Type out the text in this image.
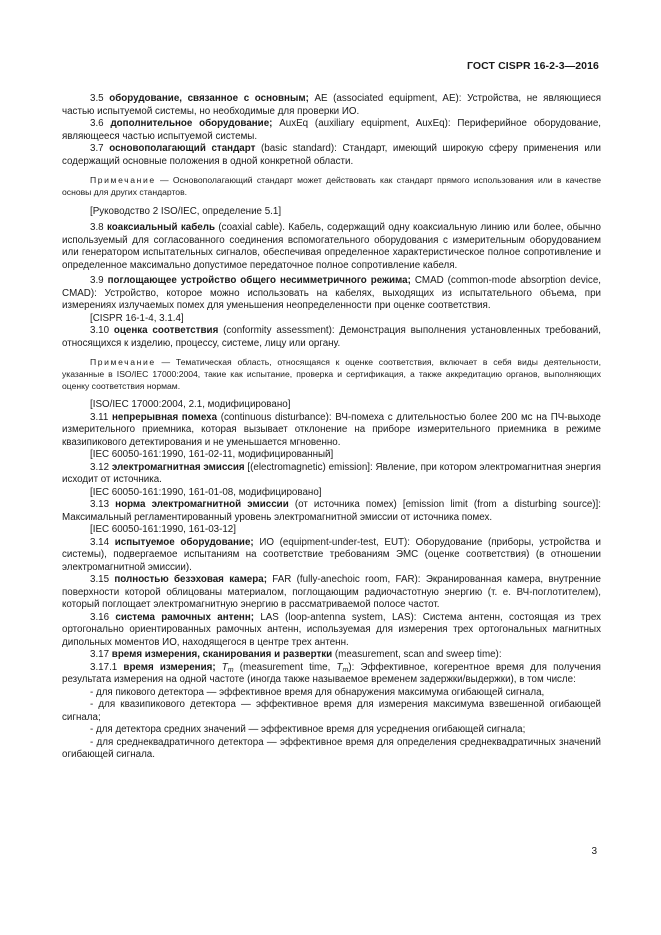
ГОСТ CISPR 16-2-3—2016

3.5 оборудование, связанное с основным; AE (associated equipment, AE): Устройства, не являющиеся частью испытуемой системы, но необходимые для проверки ИО.

3.6 дополнительное оборудование; AuxEq (auxiliary equipment, AuxEq): Периферийное оборудование, являющееся частью испытуемой системы.

3.7 основополагающий стандарт (basic standard): Стандарт, имеющий широкую сферу применения или содержащий основные положения в одной конкретной области.

Примечание — Основополагающий стандарт может действовать как стандарт прямого использования или в качестве основы для других стандартов.

[Руководство 2 ISO/IEC, определение 5.1]

3.8 коаксиальный кабель (coaxial cable). Кабель, содержащий одну коаксиальную линию или более, обычно используемый для согласованного соединения вспомогательного оборудования с измерительным оборудованием или генератором испытательных сигналов, обеспечивая определенное характеристическое полное сопротивление и определенное максимально допустимое передаточное полное сопротивление кабеля.

3.9 поглощающее устройство общего несимметричного режима; CMAD (common-mode absorption device, CMAD): Устройство, которое можно использовать на кабелях, выходящих из испытательного объема, при измерениях излучаемых помех для уменьшения неопределенности при оценке соответствия.

[CISPR 16-1-4, 3.1.4]

3.10 оценка соответствия (conformity assessment): Демонстрация выполнения установленных требований, относящихся к изделию, процессу, системе, лицу или органу.

Примечание — Тематическая область, относящаяся к оценке соответствия, включает в себя виды деятельности, указанные в ISO/IEC 17000:2004, такие как испытание, проверка и сертификация, а также аккредитацию органов, выполняющих оценку соответствия нормам.

[ISO/IEC 17000:2004, 2.1, модифицировано]

3.11 непрерывная помеха (continuous disturbance): ВЧ-помеха с длительностью более 200 мс на ПЧ-выходе измерительного приемника, которая вызывает отклонение на приборе измерительного приемника в режиме квазипикового детектирования и не уменьшается мгновенно.

[IEC 60050-161:1990, 161-02-11, модифицированный]

3.12 электромагнитная эмиссия [(electromagnetic) emission]: Явление, при котором электромагнитная энергия исходит от источника.

[IEC 60050-161:1990, 161-01-08, модифицировано]

3.13 норма электромагнитной эмиссии (от источника помех) [emission limit (from a disturbing source)]: Максимальный регламентированный уровень электромагнитной эмиссии от источника помех.

[IEC 60050-161:1990, 161-03-12]

3.14 испытуемое оборудование; ИО (equipment-under-test, EUT): Оборудование (приборы, устройства и системы), подвергаемое испытаниям на соответствие требованиям ЭМС (оценке соответствия) (в отношении электромагнитной эмиссии).

3.15 полностью безэховая камера; FAR (fully-anechoic room, FAR): Экранированная камера, внутренние поверхности которой облицованы материалом, поглощающим радиочастотную энергию (т. е. ВЧ-поглотителем), который поглощает электромагнитную энергию в рассматриваемой полосе частот.

3.16 система рамочных антенн; LAS (loop-antenna system, LAS): Система антенн, состоящая из трех ортогонально ориентированных рамочных антенн, используемая для измерения трех ортогональных магнитных дипольных моментов ИО, находящегося в центре трех антенн.

3.17 время измерения, сканирования и развертки (measurement, scan and sweep time):

3.17.1 время измерения; $T_m$ (measurement time, $T_m$): Эффективное, когерентное время для получения результата измерения на одной частоте (иногда также называемое временем задержки/выдержки), в том числе:

- для пикового детектора — эффективное время для обнаружения максимума огибающей сигнала,

- для квазипикового детектора — эффективное время для измерения максимума взвешенной огибающей сигнала;

- для детектора средних значений — эффективное время для усреднения огибающей сигнала;

- для среднеквадратичного детектора — эффективное время для определения среднеквадратичных значений огибающей сигнала.

3
